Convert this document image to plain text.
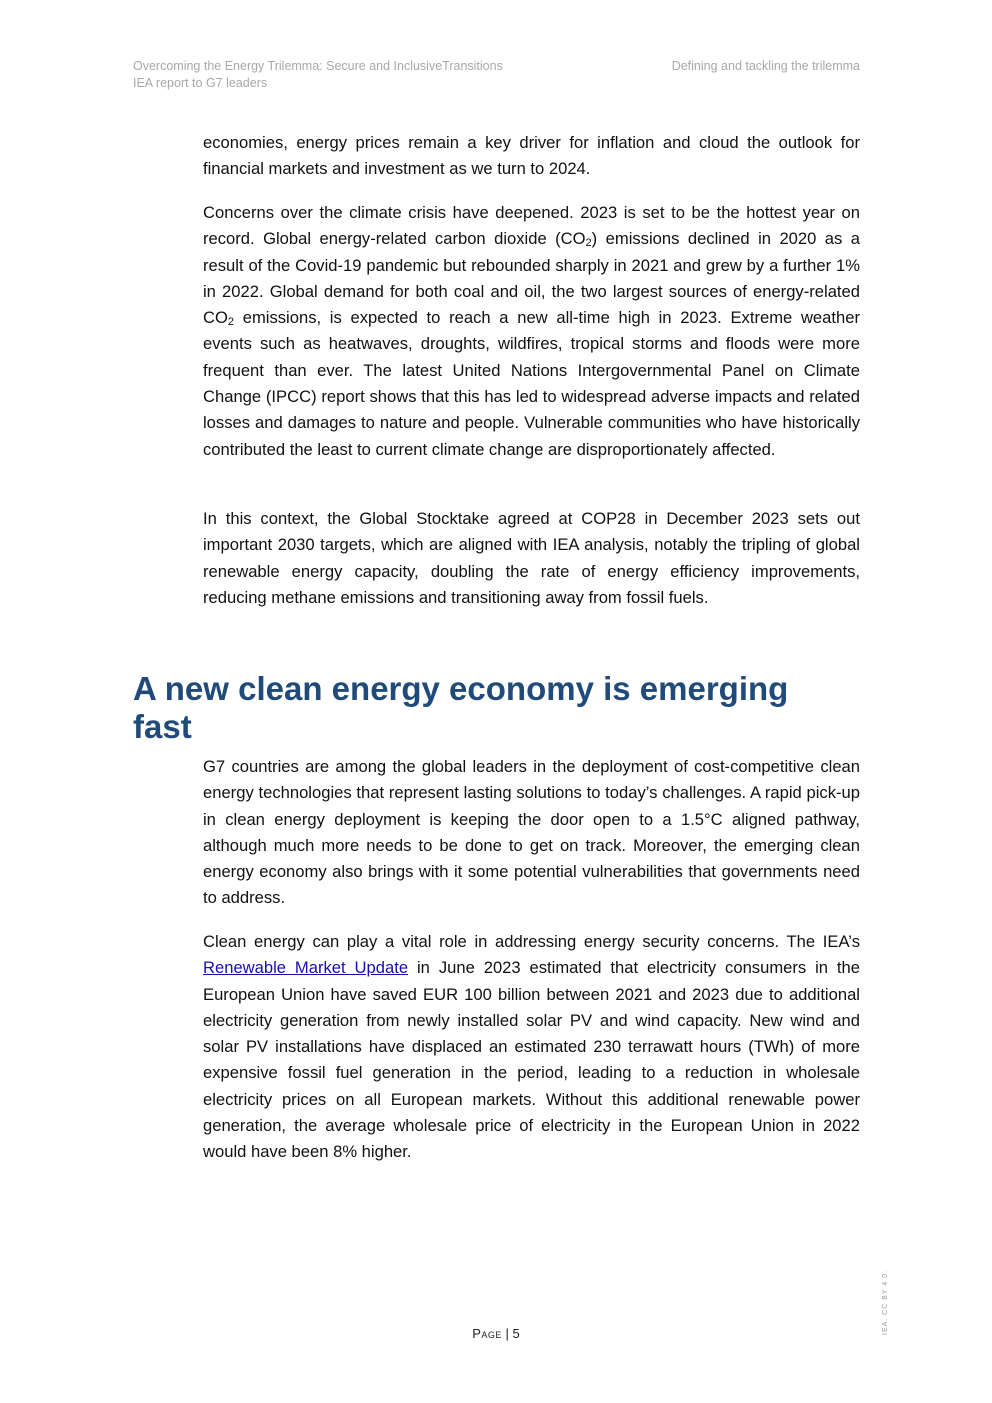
Overcoming the Energy Trilemma: Secure and InclusiveTransitions
IEA report to G7 leaders
Defining and tackling the trilemma

economies, energy prices remain a key driver for inflation and cloud the outlook for financial markets and investment as we turn to 2024.

Concerns over the climate crisis have deepened. 2023 is set to be the hottest year on record. Global energy-related carbon dioxide (CO2) emissions declined in 2020 as a result of the Covid-19 pandemic but rebounded sharply in 2021 and grew by a further 1% in 2022. Global demand for both coal and oil, the two largest sources of energy-related CO2 emissions, is expected to reach a new all-time high in 2023. Extreme weather events such as heatwaves, droughts, wildfires, tropical storms and floods were more frequent than ever. The latest United Nations Intergovernmental Panel on Climate Change (IPCC) report shows that this has led to widespread adverse impacts and related losses and damages to nature and people. Vulnerable communities who have historically contributed the least to current climate change are disproportionately affected.

In this context, the Global Stocktake agreed at COP28 in December 2023 sets out important 2030 targets, which are aligned with IEA analysis, notably the tripling of global renewable energy capacity, doubling the rate of energy efficiency improvements, reducing methane emissions and transitioning away from fossil fuels.

A new clean energy economy is emerging fast

G7 countries are among the global leaders in the deployment of cost-competitive clean energy technologies that represent lasting solutions to today’s challenges. A rapid pick-up in clean energy deployment is keeping the door open to a 1.5°C aligned pathway, although much more needs to be done to get on track. Moreover, the emerging clean energy economy also brings with it some potential vulnerabilities that governments need to address.

Clean energy can play a vital role in addressing energy security concerns. The IEA’s Renewable Market Update in June 2023 estimated that electricity consumers in the European Union have saved EUR 100 billion between 2021 and 2023 due to additional electricity generation from newly installed solar PV and wind capacity. New wind and solar PV installations have displaced an estimated 230 terrawatt hours (TWh) of more expensive fossil fuel generation in the period, leading to a reduction in wholesale electricity prices on all European markets. Without this additional renewable power generation, the average wholesale price of electricity in the European Union in 2022 would have been 8% higher.

Page | 5	IEA. CC BY 4.0.
